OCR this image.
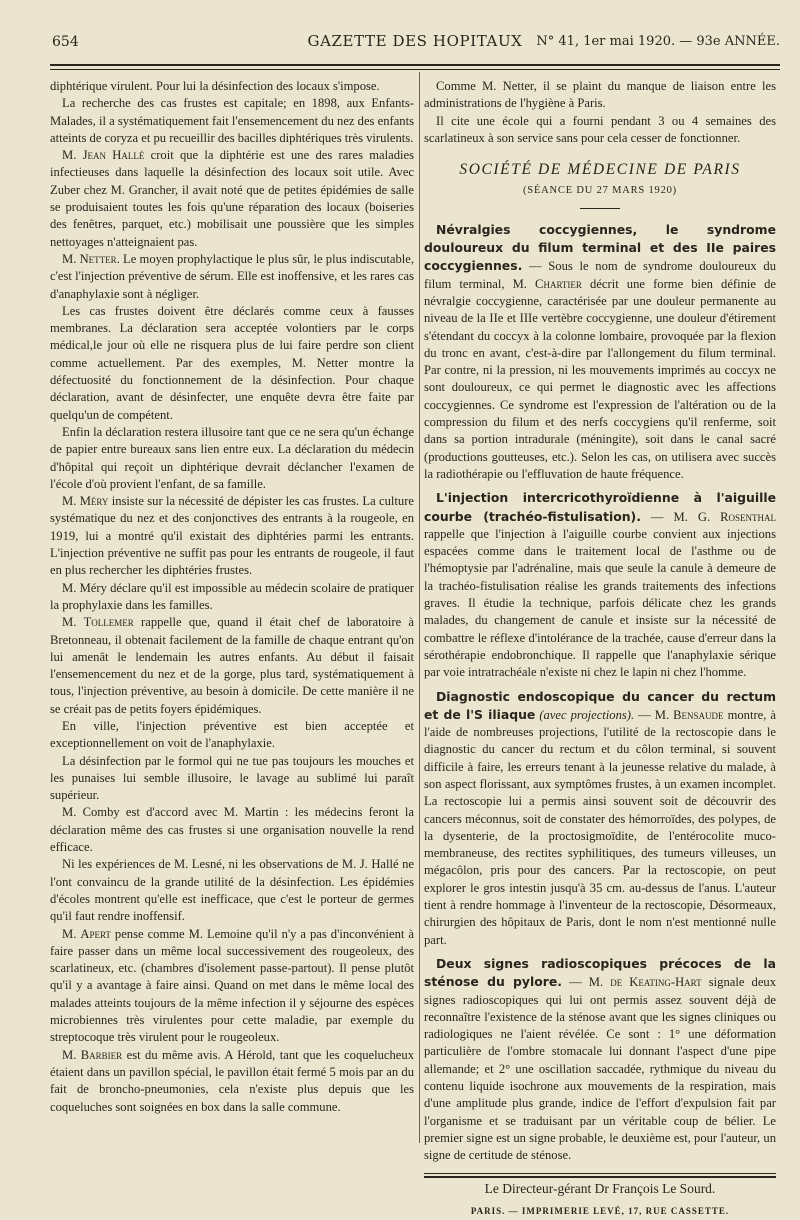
654	GAZETTE DES HOPITAUX	N° 41, 1er mai 1920. — 93e ANNÉE.

diphtérique virulent. Pour lui la désinfection des locaux s'impose.

La recherche des cas frustes est capitale; en 1898, aux Enfants-Malades, il a systématiquement fait l'ensemencement du nez des enfants atteints de coryza et pu recueillir des bacilles diphtériques très virulents.

M. Jean Hallé croit que la diphtérie est une des rares maladies infectieuses dans laquelle la désinfection des locaux soit utile. Avec Zuber chez M. Grancher, il avait noté que de petites épidémies de salle se produisaient toutes les fois qu'une réparation des locaux (boiseries des fenêtres, parquet, etc.) mobilisait une poussière que les simples nettoyages n'atteignaient pas.

M. Netter. Le moyen prophylactique le plus sûr, le plus indiscutable, c'est l'injection préventive de sérum. Elle est inoffensive, et les rares cas d'anaphylaxie sont à négliger.

Les cas frustes doivent être déclarés comme ceux à fausses membranes. La déclaration sera acceptée volontiers par le corps médical,le jour où elle ne risquera plus de lui faire perdre son client comme actuellement. Par des exemples, M. Netter montre la défectuosité du fonctionnement de la désinfection. Pour chaque déclaration, avant de désinfecter, une enquête devra être faite par quelqu'un de compétent.

Enfin la déclaration restera illusoire tant que ce ne sera qu'un échange de papier entre bureaux sans lien entre eux. La déclaration du médecin d'hôpital qui reçoit un diphtérique devrait déclancher l'examen de l'école d'où provient l'enfant, de sa famille.

M. Méry insiste sur la nécessité de dépister les cas frustes. La culture systématique du nez et des conjonctives des entrants à la rougeole, en 1919, lui a montré qu'il existait des diphtéries parmi les entrants. L'injection préventive ne suffit pas pour les entrants de rougeole, il faut en plus rechercher les diphtéries frustes.

M. Méry déclare qu'il est impossible au médecin scolaire de pratiquer la prophylaxie dans les familles.

M. Tollemer rappelle que, quand il était chef de laboratoire à Bretonneau, il obtenait facilement de la famille de chaque entrant qu'on lui amenât le lendemain les autres enfants. Au début il faisait l'ensemencement du nez et de la gorge, plus tard, systématiquement à tous, l'injection préventive, au besoin à domicile. De cette manière il ne se créait pas de petits foyers épidémiques.

En ville, l'injection préventive est bien acceptée et exceptionnellement on voit de l'anaphylaxie.

La désinfection par le formol qui ne tue pas toujours les mouches et les punaises lui semble illusoire, le lavage au sublimé lui paraît supérieur.

M. Comby est d'accord avec M. Martin : les médecins feront la déclaration même des cas frustes si une organisation nouvelle la rend efficace.

Ni les expériences de M. Lesné, ni les observations de M. J. Hallé ne l'ont convaincu de la grande utilité de la désinfection. Les épidémies d'écoles montrent qu'elle est inefficace, que c'est le porteur de germes qu'il faut rendre inoffensif.

M. Apert pense comme M. Lemoine qu'il n'y a pas d'inconvénient à faire passer dans un même local successivement des rougeoleux, des scarlatineux, etc. (chambres d'isolement passe-partout). Il pense plutôt qu'il y a avantage à faire ainsi. Quand on met dans le même local des malades atteints toujours de la même infection il y séjourne des espèces microbiennes très virulentes pour cette maladie, par exemple du streptocoque très virulent pour le rougeoleux.

M. Barbier est du même avis. A Hérold, tant que les coquelucheux étaient dans un pavillon spécial, le pavillon était fermé 5 mois par an du fait de broncho-pneumonies, cela n'existe plus depuis que les coqueluches sont soignées en box dans la salle commune.

Comme M. Netter, il se plaint du manque de liaison entre les administrations de l'hygiène à Paris.

Il cite une école qui a fourni pendant 3 ou 4 semaines des scarlatineux à son service sans pour cela cesser de fonctionner.

SOCIÉTÉ DE MÉDECINE DE PARIS
(SÉANCE DU 27 MARS 1920)

Névralgies coccygiennes, le syndrome douloureux du filum terminal et des IIe paires coccygiennes. — Sous le nom de syndrome douloureux du filum terminal, M. Chartier décrit une forme bien définie de névralgie coccygienne, caractérisée par une douleur permanente au niveau de la IIe et IIIe vertèbre coccygienne, une douleur d'étirement s'étendant du coccyx à la colonne lombaire, provoquée par la flexion du tronc en avant, c'est-à-dire par l'allongement du filum terminal. Par contre, ni la pression, ni les mouvements imprimés au coccyx ne sont douloureux, ce qui permet le diagnostic avec les affections coccygiennes. Ce syndrome est l'expression de l'altération ou de la compression du filum et des nerfs coccygiens qu'il renferme, soit dans sa portion intradurale (méningite), soit dans le canal sacré (productions goutteuses, etc.). Selon les cas, on utilisera avec succès la radiothérapie ou l'effluvation de haute fréquence.

L'injection intercricothyroïdienne à l'aiguille courbe (trachéo-fistulisation). — M. G. Rosenthal rappelle que l'injection à l'aiguille courbe convient aux injections espacées comme dans le traitement local de l'asthme ou de l'hémoptysie par l'adrénaline, mais que seule la canule à demeure de la trachéo-fistulisation réalise les grands traitements des infections graves. Il étudie la technique, parfois délicate chez les grands malades, du changement de canule et insiste sur la nécessité de combattre le réflexe d'intolérance de la trachée, cause d'erreur dans la sérothérapie endobronchique. Il rappelle que l'anaphylaxie sérique par voie intratrachéale n'existe ni chez le lapin ni chez l'homme.

Diagnostic endoscopique du cancer du rectum et de l'S iliaque (avec projections). — M. Bensaude montre, à l'aide de nombreuses projections, l'utilité de la rectoscopie dans le diagnostic du cancer du rectum et du côlon terminal, si souvent difficile à faire, les erreurs tenant à la jeunesse relative du malade, à son aspect florissant, aux symptômes frustes, à un examen incomplet. La rectoscopie lui a permis ainsi souvent soit de découvrir des cancers méconnus, soit de constater des hémorroïdes, des polypes, de la dysenterie, de la proctosigmoïdite, de l'entérocolite muco-membraneuse, des rectites syphilitiques, des tumeurs villeuses, un mégacôlon, pris pour des cancers. Par la rectoscopie, on peut explorer le gros intestin jusqu'à 35 cm. au-dessus de l'anus. L'auteur tient à rendre hommage à l'inventeur de la rectoscopie, Désormeaux, chirurgien des hôpitaux de Paris, dont le nom n'est mentionné nulle part.

Deux signes radioscopiques précoces de la sténose du pylore. — M. de Keating-Hart signale deux signes radioscopiques qui lui ont permis assez souvent déjà de reconnaître l'existence de la sténose avant que les signes cliniques ou radiologiques ne l'aient révélée. Ce sont : 1° une déformation particulière de l'ombre stomacale lui donnant l'aspect d'une pipe allemande; et 2° une oscillation saccadée, rythmique du niveau du contenu liquide isochrone aux mouvements de la respiration, mais d'une amplitude plus grande, indice de l'effort d'expulsion fait par l'organisme et se traduisant par un véritable coup de bélier. Le premier signe est un signe probable, le deuxième est, pour l'auteur, un signe de certitude de sténose.

Le Directeur-gérant Dr François Le Sourd.
PARIS. — IMPRIMERIE LEVÉ, 17, RUE CASSETTE.
